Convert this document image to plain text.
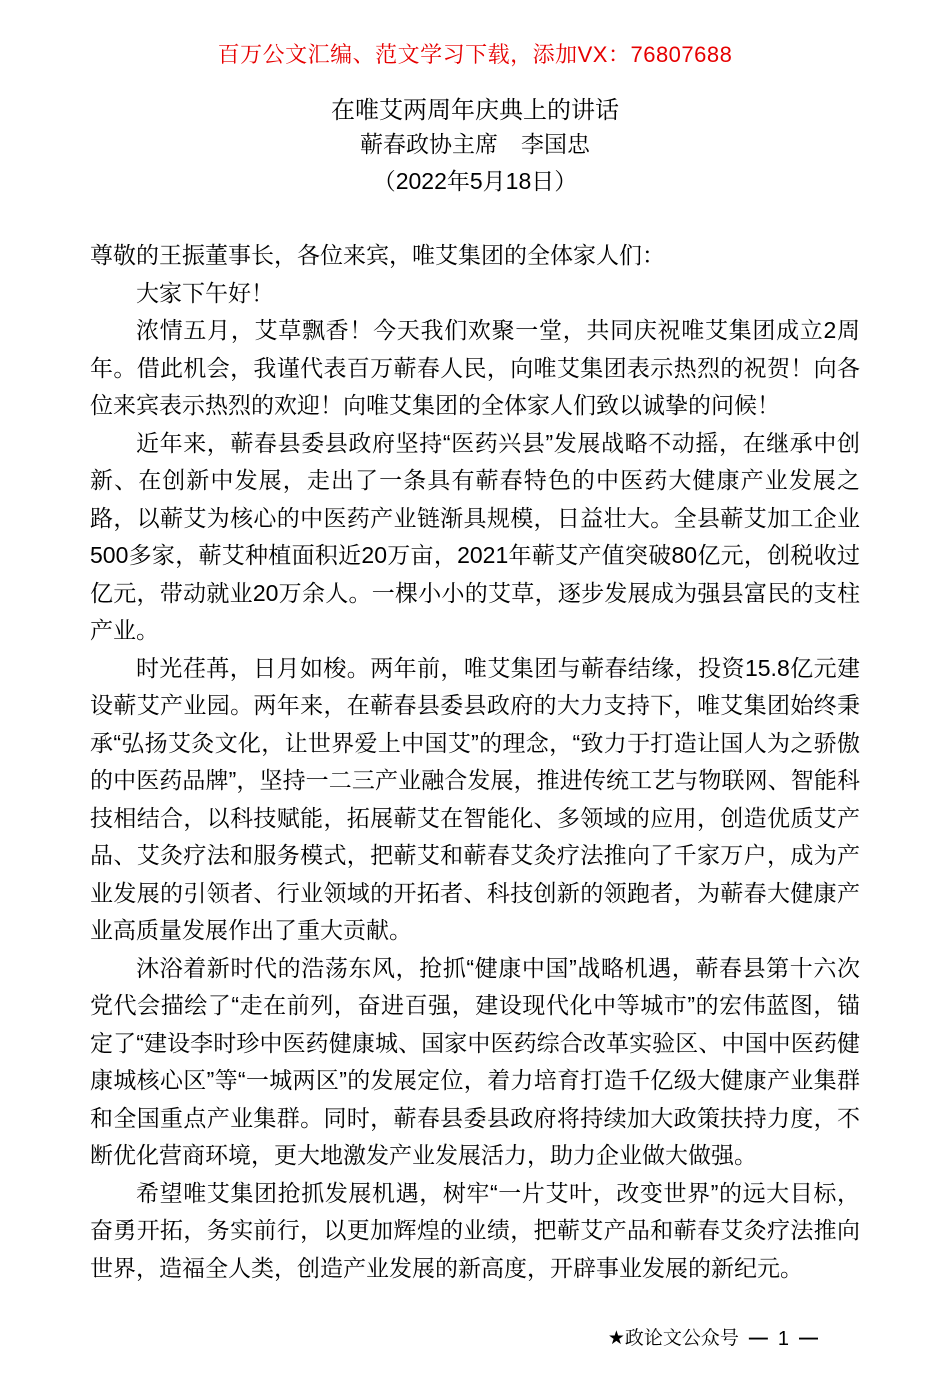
百万公文汇编、范文学习下载，添加VX：76807688
在唯艾两周年庆典上的讲话
蕲春政协主席　李国忠
（2022年5月18日）

尊敬的王振董事长，各位来宾，唯艾集团的全体家人们：

大家下午好！

浓情五月，艾草飘香！今天我们欢聚一堂，共同庆祝唯艾集团成立2周年。借此机会，我谨代表百万蕲春人民，向唯艾集团表示热烈的祝贺！向各位来宾表示热烈的欢迎！向唯艾集团的全体家人们致以诚挚的问候！

近年来，蕲春县委县政府坚持“医药兴县”发展战略不动摇，在继承中创新、在创新中发展，走出了一条具有蕲春特色的中医药大健康产业发展之路，以蕲艾为核心的中医药产业链渐具规模，日益壮大。全县蕲艾加工企业500多家，蕲艾种植面积近20万亩，2021年蕲艾产值突破80亿元，创税收过亿元，带动就业20万余人。一棵小小的艾草，逐步发展成为强县富民的支柱产业。

时光荏苒，日月如梭。两年前，唯艾集团与蕲春结缘，投资15.8亿元建设蕲艾产业园。两年来，在蕲春县委县政府的大力支持下，唯艾集团始终秉承“弘扬艾灸文化，让世界爱上中国艾”的理念，“致力于打造让国人为之骄傲的中医药品牌”，坚持一二三产业融合发展，推进传统工艺与物联网、智能科技相结合，以科技赋能，拓展蕲艾在智能化、多领域的应用，创造优质艾产品、艾灸疗法和服务模式，把蕲艾和蕲春艾灸疗法推向了千家万户，成为产业发展的引领者、行业领域的开拓者、科技创新的领跑者，为蕲春大健康产业高质量发展作出了重大贡献。

沐浴着新时代的浩荡东风，抢抓“健康中国”战略机遇，蕲春县第十六次党代会描绘了“走在前列，奋进百强，建设现代化中等城市”的宏伟蓝图，锚定了“建设李时珍中医药健康城、国家中医药综合改革实验区、中国中医药健康城核心区”等“一城两区”的发展定位，着力培育打造千亿级大健康产业集群和全国重点产业集群。同时，蕲春县委县政府将持续加大政策扶持力度，不断优化营商环境，更大地激发产业发展活力，助力企业做大做强。

希望唯艾集团抢抓发展机遇，树牢“一片艾叶，改变世界”的远大目标，奋勇开拓，务实前行，以更加辉煌的业绩，把蕲艾产品和蕲春艾灸疗法推向世界，造福全人类，创造产业发展的新高度，开辟事业发展的新纪元。

★ 政论文公众号 — 1 —
